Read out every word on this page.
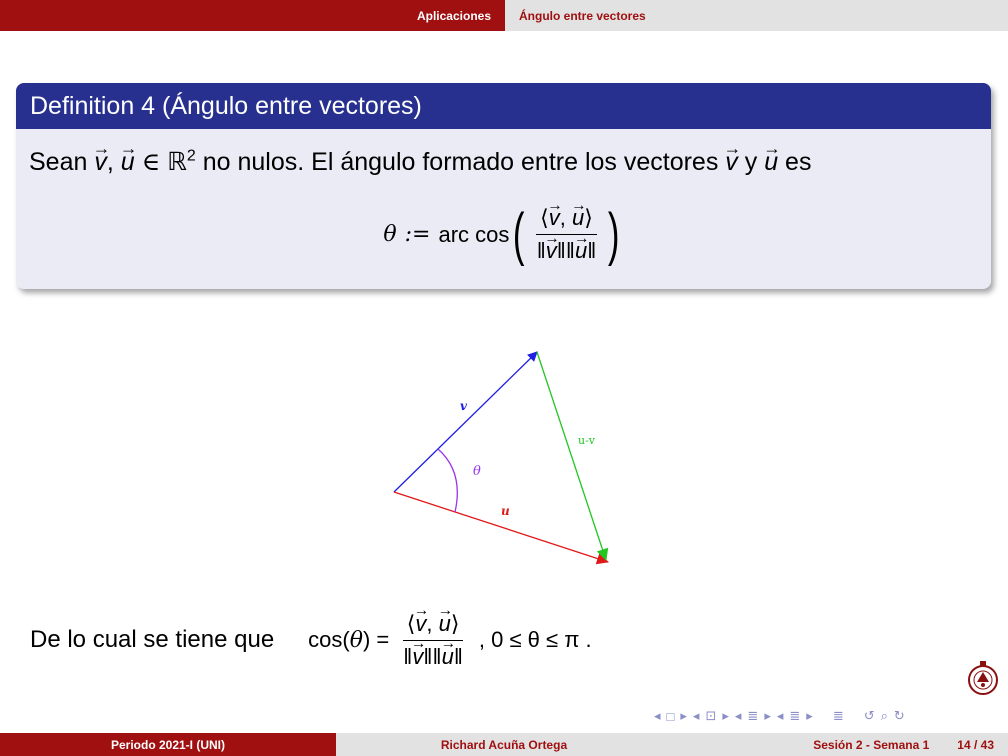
Aplicaciones Ángulo entre vectores
Definition 4 (Ángulo entre vectores)
Sean → v, → u ∈ ℝ$^2$ no nulos. El ángulo formado entre los vectores → v y → u es
θ := arc cos ( $\frac{⟨\to v, \to u⟩}{‖\to v‖‖\to u‖}$ )
v
u
u-v
θ
De lo cual se tiene que cos( θ ) = $\frac{⟨\to v, \to u⟩}{‖\to v‖‖\to u‖}$ , 0 ≤ θ ≤ π .
◂ □ ▸ ◂ ⊡ ▸ ◂ ≣ ▸ ◂ ≣ ▸ ≣ ↺ ⌕ ↻
Periodo 2021-I (UNI)	Richard Acuña Ortega	Sesión 2 - Semana 1 14 / 43
